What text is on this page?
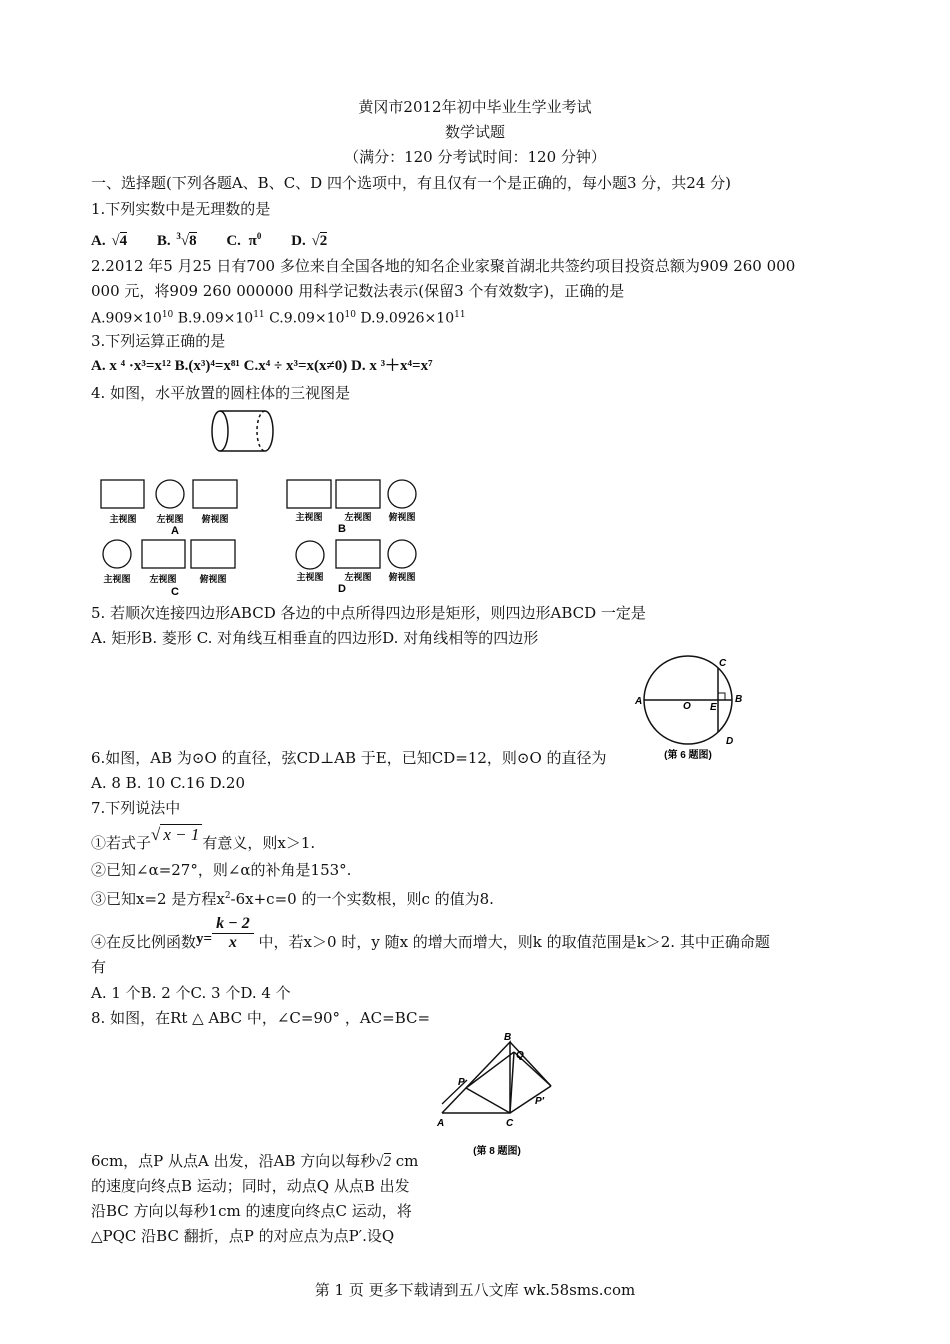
黄冈市2012年初中毕业生学业考试
数学试题
（满分：120 分考试时间：120 分钟）
一、选择题(下列各题A、B、C、D 四个选项中，有且仅有一个是正确的，每小题3 分，共24 分)
1.下列实数中是无理数的是
A. √4 B. $^3$√8 C. $\pi^0$ D. √2
2.2012 年5 月25 日有700 多位来自全国各地的知名企业家聚首湖北共签约项目投资总额为909 260 000
000 元，将909 260 000000 用科学记数法表示(保留3 个有效数字)，正确的是
$A.909\times 10^{10}$ $B.9.09\times 10^{11}$ $C.9.09\times 10^{10}$ $D.9.0926\times 10^{11}$
3.下列运算正确的是
A. x ⁴ ·x³=x¹² B.(x³)⁴=x⁸¹ C.x⁴ ÷ x³=x(x≠0) D. x ³＋x⁴=x⁷
4. 如图，水平放置的圆柱体的三视图是
主视图 左视图 俯视图
A
主视图 左视图	俯视图
C
主视图 左视图 俯视图
B
主视图 左视图 俯视图
D
5. 若顺次连接四边形ABCD 各边的中点所得四边形是矩形，则四边形ABCD 一定是
A. 矩形B. 菱形 C. 对角线互相垂直的四边形D. 对角线相等的四边形
A	B
C
D
E
O
(第 6 题图)
6.如图，AB 为⊙O 的直径，弦CD⊥AB 于E，已知CD=12，则⊙O 的直径为
A. 8 B. 10 C.16 D.20
7.下列说法中
①若式子√ x − 1 有意义，则x＞1.
②已知∠α=27°，则∠α的补角是153°.
③已知x=2 是方程$x^2-6x+c=0$ 的一个实数根，则c 的值为8.
④在反比例函数$y= \frac{k - 2}{x}$ 中，若x＞0 时，y 随x 的增大而增大，则k 的取值范围是k＞2. 其中正确命题
有
A. 1 个B. 2 个C. 3 个D. 4 个
8. 如图，在Rt △ ABC 中，∠C=90° ，AC=BC=
A	C
B
Q
P
P′
(第 8 题图)
6cm，点P 从点A 出发，沿AB 方向以每秒√2 cm
的速度向终点B 运动；同时，动点Q 从点B 出发
沿BC 方向以每秒1cm 的速度向终点C 运动，将
△PQC 沿BC 翻折，点P 的对应点为点P′.设Q
第 1 页 更多下载请到五八文库 wk.58sms.com
